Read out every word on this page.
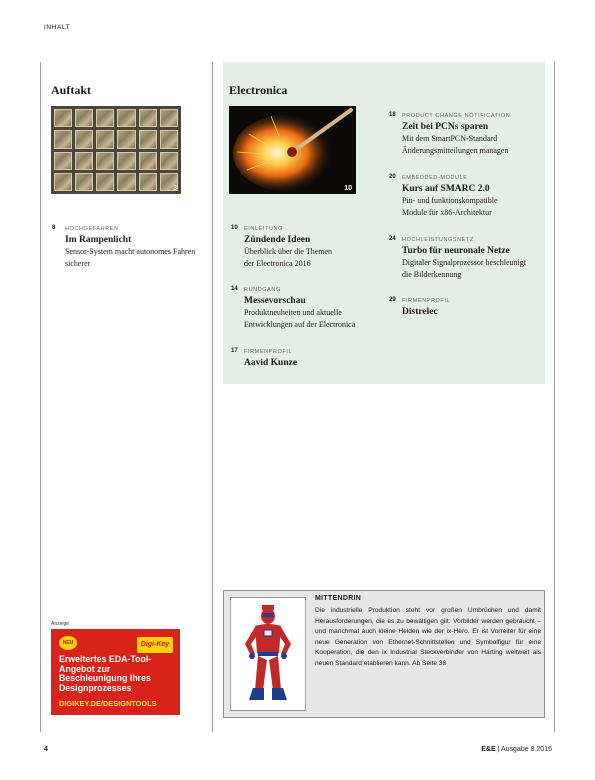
INHALT
Auftakt
3
8 HOCHGEFAHREN
Im Rampenlicht
Sensor-System macht autonomes Fahren sicherer
Electronica
10
10 EINLEITUNG
Zündende Ideen
Überblick über die Themen der Electronica 2016
14 RUNDGANG
Messevorschau
Produktneuheiten und aktuelle Entwicklungen auf der Electronica
17 FIRMENPROFIL
Aavid Kunze
18 PRODUCT CHANGE NOTIFICATION
Zeit bei PCNs sparen
Mit dem SmartPCN-Standard Änderungsmitteilungen managen
20 EMBEDDED-MODULE
Kurs auf SMARC 2.0
Pin- und funktionskompatible Module für x86-Architektur
24 HOCHLEISTUNGSNETZ
Turbo für neuronale Netze
Digitaler Signalprozessor beschleunigt die Bilderkennung
29 FIRMENPROFIL
Distrelec
Anzeige
NEU	Digi-Key
Erweitertes EDA-Tool-Angebot zur Beschleunigung Ihres Designprozesses
DIGIKEY.DE/DESIGNTOOLS
MITTENDRIN
Die industrielle Produktion steht vor großen Umbrüchen und damit Herausforderungen, die es zu bewältigen gilt. Vorbilder werden gebraucht – und manchmal auch kleine Helden wie der ix-Hero. Er ist Vorreiter für eine neue Generation von Ethernet-Schnittstellen und Symbolfigur für eine Kooperation, die den ix Industrial Steckverbinder von Harting weltweit als neuen Standard etablieren kann. Ab Seite 38
4	E&E | Ausgabe 8.2016
